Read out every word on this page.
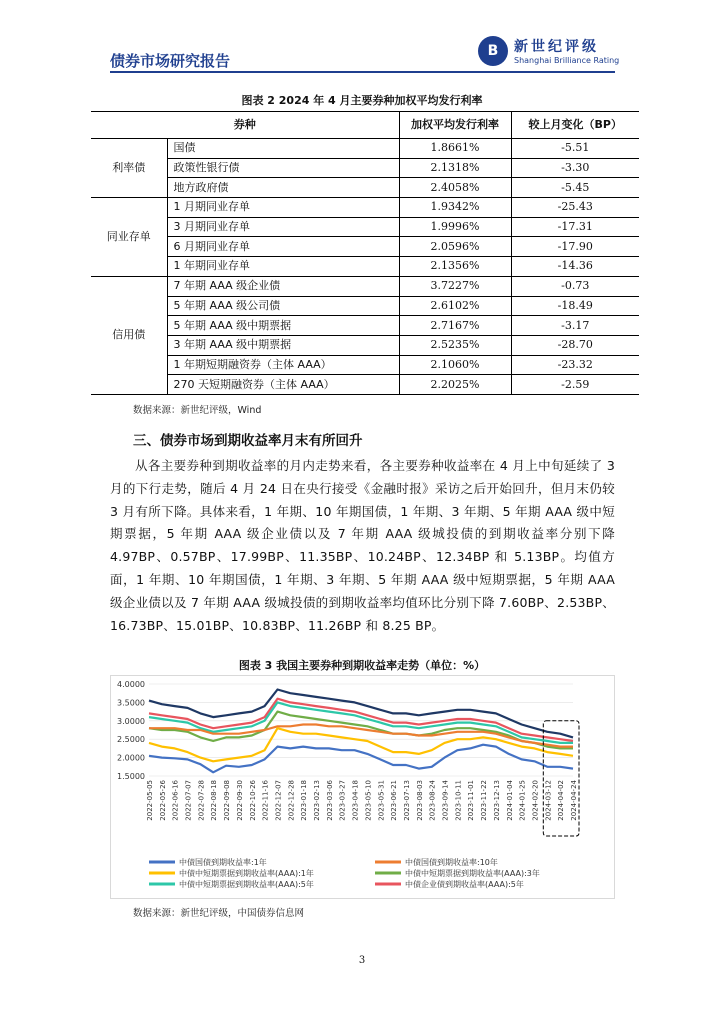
债券市场研究报告
B	新世纪评级
Shanghai Brilliance Rating
图表 2 2024 年 4 月主要券种加权平均发行利率
券种		加权平均发行利率	较上月变化（BP）
利率债	国债	1.8661%	-5.51
	政策性银行债	2.1318%	-3.30
	地方政府债	2.4058%	-5.45
同业存单	1 月期同业存单	1.9342%	-25.43
	3 月期同业存单	1.9996%	-17.31
	6 月期同业存单	2.0596%	-17.90
	1 年期同业存单	2.1356%	-14.36
信用债	7 年期 AAA 级企业债	3.7227%	-0.73
	5 年期 AAA 级公司债	2.6102%	-18.49
	5 年期 AAA 级中期票据	2.7167%	-3.17
	3 年期 AAA 级中期票据	2.5235%	-28.70
	1 年期短期融资券（主体 AAA）	2.1060%	-23.32
	270 天短期融资券（主体 AAA）	2.2025%	-2.59
数据来源：新世纪评级，Wind
三、债券市场到期收益率月末有所回升
从各主要券种到期收益率的月内走势来看，各主要券种收益率在 4 月上中旬延续了 3 月的下行走势，随后 4 月 24 日在央行接受《金融时报》采访之后开始回升，但月末仍较 3 月有所下降。具体来看，1 年期、10 年期国债，1 年期、3 年期、5 年期 AAA 级中短期票据，5 年期 AAA 级企业债以及 7 年期 AAA 级城投债的到期收益率分别下降 4.97BP、0.57BP、17.99BP、11.35BP、10.24BP、12.34BP 和 5.13BP。均值方面，1 年期、10 年期国债，1 年期、3 年期、5 年期 AAA 级中短期票据，5 年期 AAA 级企业债以及 7 年期 AAA 级城投债的到期收益率均值环比分别下降 7.60BP、2.53BP、16.73BP、15.01BP、10.83BP、11.26BP 和 8.25 BP。
图表 3 我国主要券种到期收益率走势（单位：%）
4.0000
3.5000
3.0000
2.5000
2.0000
1.5000
2022-05-05 2022-05-26 2022-06-16 2022-07-07 2022-07-28 2022-08-18 2022-09-08 2022-09-30 2022-10-26 2022-11-16 2022-12-07 2022-12-28 2023-01-18 2023-02-13 2023-03-06 2023-03-27 2023-04-18 2023-05-10 2023-05-31 2023-06-21 2023-07-13 2023-08-03 2023-08-24 2023-09-14 2023-10-11 2023-11-01 2023-11-22 2023-12-13 2024-01-04 2024-01-25 2024-02-20 2024-03-12 2024-04-02 2024-04-24
中债国债到期收益率:1年	中债国债到期收益率:10年
中债中短期票据到期收益率(AAA):1年	中债中短期票据到期收益率(AAA):3年
中债中短期票据到期收益率(AAA):5年	中债企业债到期收益率(AAA):5年
数据来源：新世纪评级，中国债券信息网
3
